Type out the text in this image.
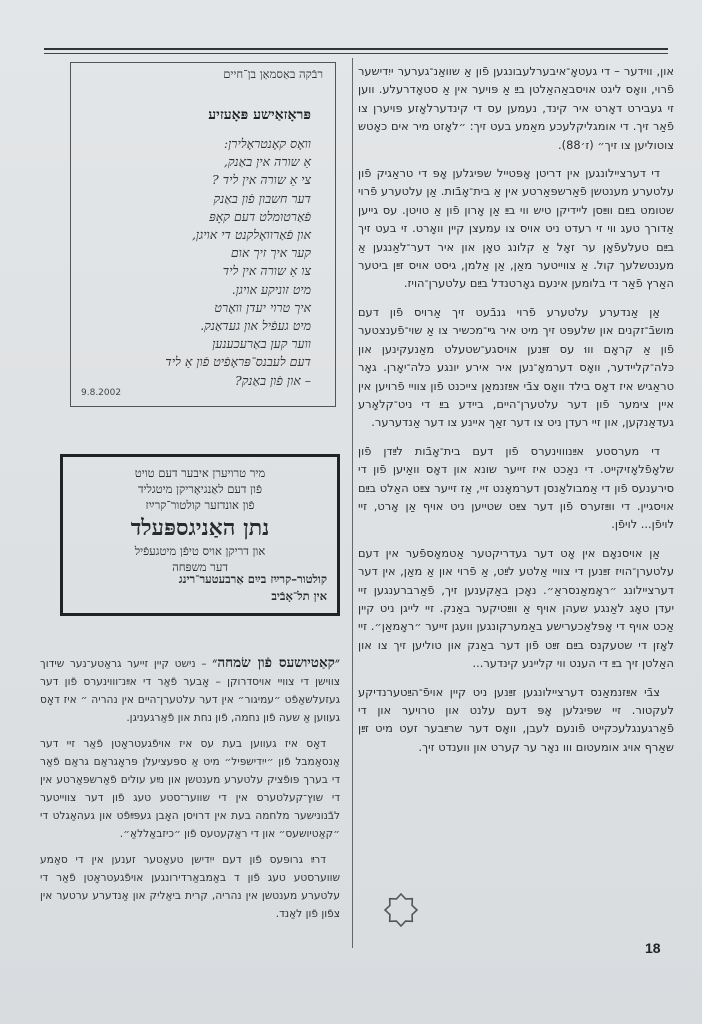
און, ווידער – די געטאָ־איבערלעבונגען פֿון אַ שוואַנ־גערער ייִדישער פֿרוי, וואָס ליגט אויסבאַהאַלטן בײַ אַ פּויער אין אַ סטאָדרעלע. ווען זי געבירט דאָרט איר קינד, נעמען עס די קינדערלאָזע פּויערן צו פֿאַר זיך. די אומגליקלעכע מאַמע בעט זיך: ״לאָזט מיר אים כאָטש צוטוליען צו זיך״ (ז׳88).

די דערציילונגען אין דריטן אָפּטייל שפּיגלען אָפּ די טראַגיק פֿון עלטערע מענטשן פֿאַרשפּאַרטע אין אַ בית־אָבֿות. אַן עלטערע פֿרוי שטומט בײַם ווײַסן ליידיקן טיש ווי בײַ אַן אָרון פֿון אַ טויטן. עס גייען אַדורך טעג ווי זי רעדט ניט אויס צו עמעצן קיין וואָרט. זי בעט זיך בײַם טעלעפֿאָן ער זאָל אַ קלונג טאָן און איר דער־לאַנגען אַ מענטשלעך קול. אַ צווייטער מאַן, אַן אַלמן, גיסט אויס זײַן ביטער האַרץ פֿאַר די בלומען אינעם גאָרטנדל בײַם עלטערן־הויז.

אַן אַנדערע עלטערע פֿרוי גנבֿעט זיך אַרויס פֿון דעם מושבֿ־זקנים און שלעפּט זיך מיט איר גײ־מכשיר צו אַ שוי־פֿענצטער פֿון אַ קראָם וווּ עס זײַנען אויסגע־שטעלט מאַנעקינען און כּלה־קליידער, וואָס דערמאָ־נען איר אירע יונגע כּלה־יאָרן. גאָר טראַגיש איז דאָס בילד וואָס צבֿי אײַזנמאַן צייכנט פֿון צוויי פֿרויען אין איין צימער פֿון דער עלטערן־היים, ביידע בײַ די ניט־קלאָרע געדאַנקען, און זיי רעדן ניט צו דער זאַך איינע צו דער אַנדערער.

די מערסטע אײַנוווינערס פֿון דעם בית־אָבֿות לײַדן פֿון שלאָפֿלאָזיקייט. די נאַכט איז זייער שונא און דאָס וואַיען פֿון די סירענעס פֿון די אַמבולאַנסן דערמאָנט זיי, אַז זייער צײַט האַלט בײַם אויסגיין. די ווײַזערס פֿון דער צײַט שטייען ניט אויף אַן אָרט, זיי לויפֿן... לויפֿן.

אַן אויסנאָם אין אָט דער געדריקטער אַטמאָספֿער אין דעם עלטערן־הויז זײַנען די צוויי אַלטע לײַט, אַ פֿרוי און אַ מאַן, אין דער דערציילונג ״ראָמאַנסראַ״. נאָכן באַקענען זיך, פֿאַרברענגען זיי יעדן טאָג לאַנגע שעהן אויף אַ ווײַטיקער באַנק. זיי לייגן ניט קיין אַכט אויף די אָפּלאַכערישע באַמערקונגען וועגן זייער ״ראָמאַן״. זיי לאָזן די שטעקנס בײַם זײַט פֿון דער באַנק און טוליען זיך צו און האַלטן זיך בײַ די הענט ווי קליינע קינדער...

צבֿי אײַזנמאַנס דערציילונגען זײַנען ניט קיין אויפֿ־הײַטערנדיקע לעקטור. זיי שפּיגלען אָפּ דעם עלנט און טרויער און די פֿאַרגענגלעכקייט פֿונעם לעבן, וואָס דער שרײַבער זעט מיט זײַן שאַרף אויג אומעטום ווו נאָר ער קערט און ווענדט זיך.

רבֿקה באַסמאַן בן־חיים
פּראָזאַישע פּאָעזיע
וואָס קאָנטראָלירן:
אַ שורה אין באַנק,
צי אַ שורה אין ליד ?
דער חשבון פֿון באַנק
פֿאַרטומלט דעם קאָפּ
און פֿאַרוואָלקנט די אויגן,
קער איך זיך אום
צו אַ שורה אין ליד
מיט זוניקע אויגן.
איך טרוי יעדן וואָרט
מיט געפֿיל און געדאַנק.
ווער קען באַרעכענען
דעם לעבנס־פּראָפֿיט פֿון אַ ליד
– און פֿון באַנק?
9.8.2002
מיר טרויערן איבער דעם טויט
פֿון דעם לאַנגיאָריקן מיטגליד
פֿון אונדזער קולטור־קרײַז
נתן האַניגספּעלד
און דריקן אויס טיפֿן מיטגעפֿיל
דער משפּחה
קולטור–קרײַז בײַם אַרבעטער־רינג
אין תל־אָבֿיב

״קאַטיושעס פֿון שׂמחה״ – נישט קיין זייער גראַטע־נער שידוך צווישן די צוויי אויסדרוקן – אָבער פֿאַר די אײַנ־וווינערס פֿון דער געזעלשאַפֿט ״עמיגור״ אין דער עלטערן־היים אין נהריה ״ איז דאָס געווען אַ שעה פֿון נחמה, פֿון נחת און פֿאַרגעניגן.

דאָס איז געווען בעת עס איז אויפֿגעטראָטן פֿאַר זיי דער אַנסאַמבל פֿון ״ייִדישפּיל״ מיט אַ ספּעציעלן פּראָגראַם גראַם פֿאַר די בערך פּופֿציק עלטערע מענטשן און נײַע עולים פֿאַרשפּאַרטע אין די שוץ־קעלטערס אין די שווער־סטע טעג פֿון דער צווייטער לבֿנונישער מלחמה בעת אין דרויסן האָבן געפּײַפֿט און געהאַגלט די ״קאַטיושעס״ און די ראַקעטעס פֿון ״כיזבאַללאַ״.

דרײַ גרופּעס פֿון דעם ייִדישן טעאַטער זענען אין די סאַמע שווערסטע טעג פֿון ד באַמבאַרדירונגען אויפֿגעטראָטן פֿאַר די עלטערע מענטשן אין נהריה, קרית ביאַליק און אַנדערע ערטער אין צפֿון פֿון לאַנד.

18
